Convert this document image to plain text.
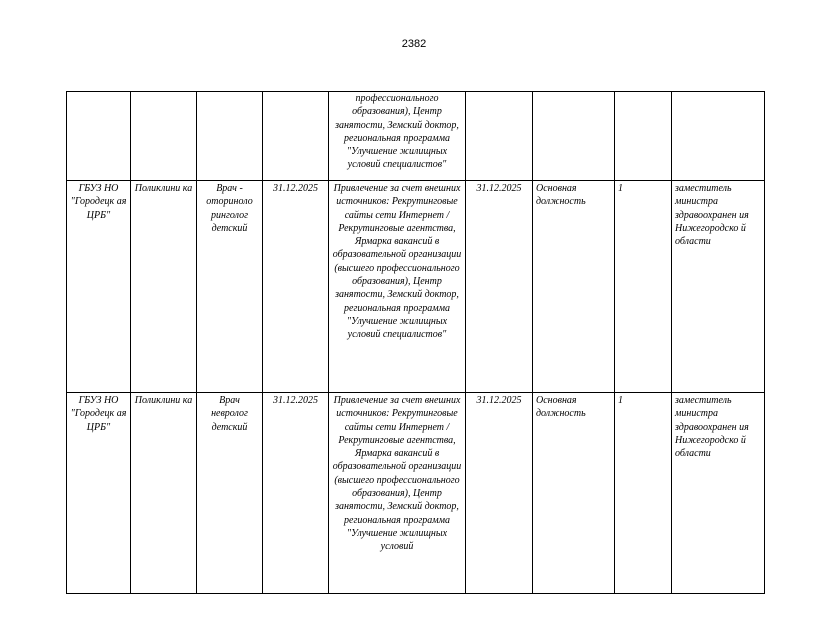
2382

				профессионального образования), Центр занятости, Земский доктор, региональная программа "Улучшение жилищных условий специалистов"				

ГБУЗ НО "Городецк ая ЦРБ"	Поликлини ка	Врач - оториноло ринголог детский	31.12.2025	Привлечение за счет внешних источников: Рекрутинговые сайты сети Интернет / Рекрутинговые агентства, Ярмарка вакансий в образовательной организации (высшего профессионального образования), Центр занятости, Земский доктор, региональная программа "Улучшение жилищных условий специалистов"	31.12.2025	Основная должность	1	заместитель министра здравоохранен ия Нижегородско й области

ГБУЗ НО "Городецк ая ЦРБ"	Поликлини ка	Врач невролог детский	31.12.2025	Привлечение за счет внешних источников: Рекрутинговые сайты сети Интернет / Рекрутинговые агентства, Ярмарка вакансий в образовательной организации (высшего профессионального образования), Центр занятости, Земский доктор, региональная программа "Улучшение жилищных условий	31.12.2025	Основная должность	1	заместитель министра здравоохранен ия Нижегородско й области
